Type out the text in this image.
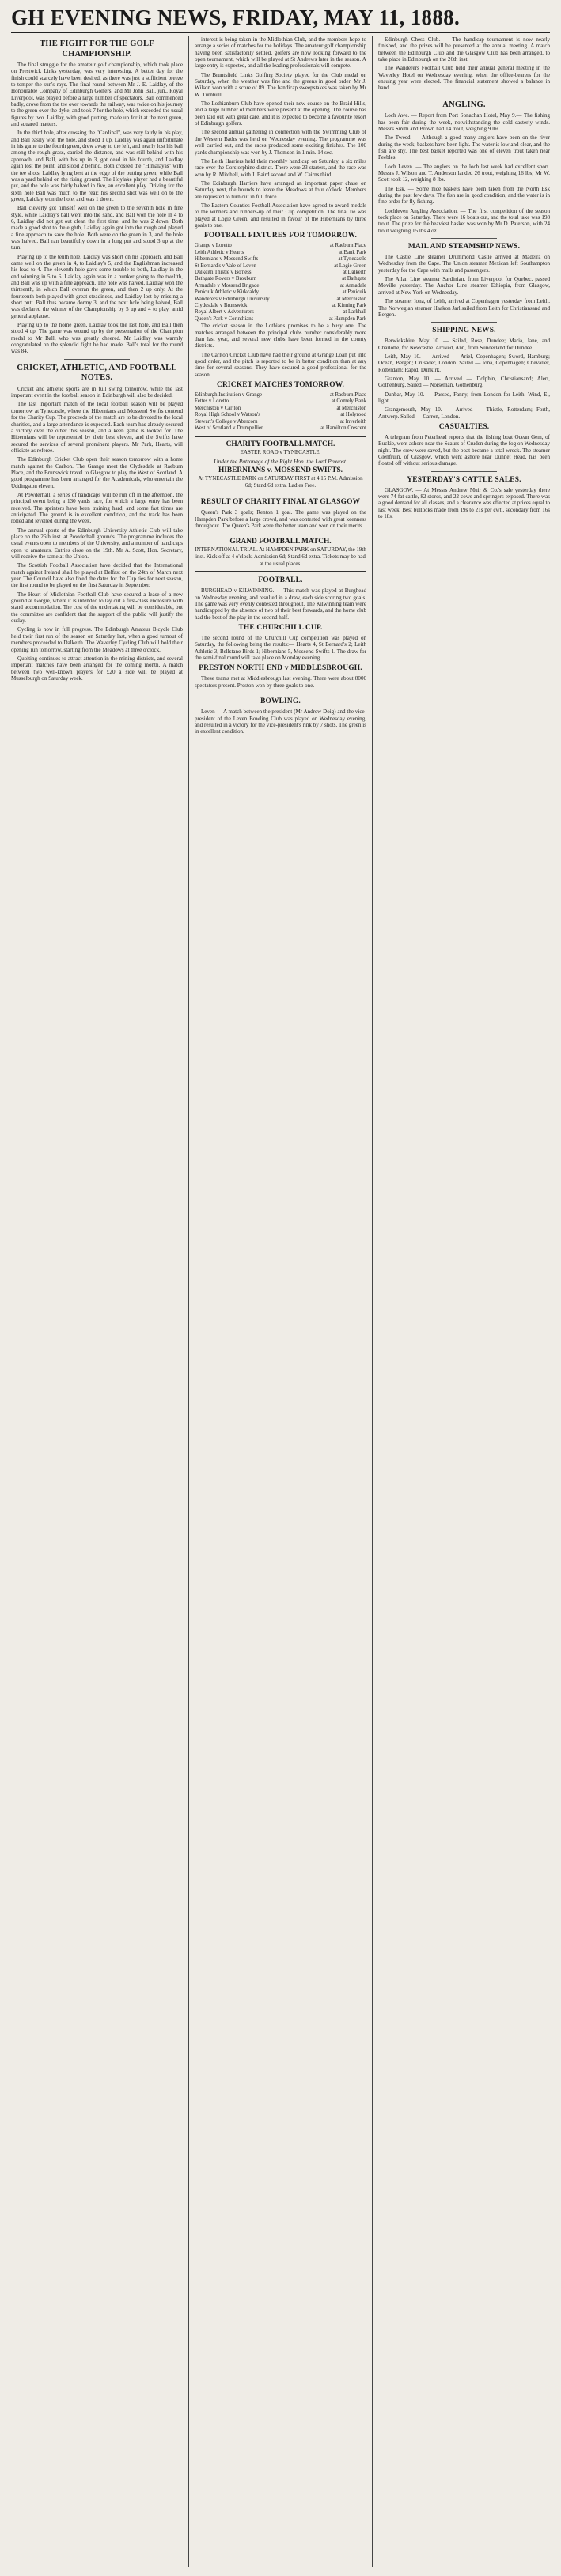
GH EVENING NEWS, FRIDAY, MAY 11, 1888.
THE FIGHT FOR THE GOLF CHAMPIONSHIP.

The final struggle for the amateur golf championship, which took place on Prestwick Links yesterday, was very interesting. A better day for the finish could scarcely have been desired, as there was just a sufficient breeze to temper the sun's rays. The final round between Mr J. E. Laidlay, of the Honourable Company of Edinburgh Golfers, and Mr John Ball, jun., Royal Liverpool, was played before a large number of spectators. Ball commenced badly, drove from the tee over towards the railway, was twice on his journey to the green over the dyke, and took 7 for the hole, which exceeded the usual figures by two. Laidlay, with good putting, made up for it at the next green, and squared matters.

In the third hole, after crossing the "Cardinal", was very fairly in his play, and Ball easily won the hole, and stood 1 up. Laidlay was again unfortunate in his game to the fourth green, drew away to the left, and nearly lost his ball among the rough grass, carried the distance, and was still behind with his approach, and Ball, with his up in 3, got dead in his fourth, and Laidlay again lost the point, and stood 2 behind. Both crossed the "Himalayas" with the tee shots, Laidlay lying best at the edge of the putting green, while Ball was a yard behind on the rising ground. The Hoylake player had a beautiful put, and the hole was fairly halved in five, an excellent play. Driving for the sixth hole Ball was much to the rear; his second shot was well on to the green, Laidlay won the hole, and was 1 down.

Ball cleverly got himself well on the green to the seventh hole in fine style, while Laidlay's ball went into the sand, and Ball won the hole in 4 to 6, Laidlay did not get out clean the first time, and he was 2 down. Both made a good shot to the eighth, Laidlay again got into the rough and played a fine approach to save the hole. Both were on the green in 3, and the hole was halved. Ball ran beautifully down in a long put and stood 3 up at the turn.

Playing up to the tenth hole, Laidlay was short on his approach, and Ball came well on the green in 4, to Laidlay's 5, and the Englishman increased his lead to 4. The eleventh hole gave some trouble to both, Laidlay in the end winning in 5 to 6. Laidlay again was in a bunker going to the twelfth, and Ball was up with a fine approach. The hole was halved. Laidlay won the thirteenth, in which Ball overran the green, and then 2 up only. At the fourteenth both played with great steadiness, and Laidlay lost by missing a short putt. Ball thus became dormy 3, and the next hole being halved, Ball was declared the winner of the Championship by 5 up and 4 to play, amid general applause.

Playing up to the home green, Laidlay took the last hole, and Ball then stood 4 up. The game was wound up by the presentation of the Champion medal to Mr Ball, who was greatly cheered. Mr Laidlay was warmly congratulated on the splendid fight he had made. Ball's total for the round was 84.

CRICKET, ATHLETIC, AND FOOTBALL NOTES.

Cricket and athletic sports are in full swing tomorrow, while the last important event in the football season in Edinburgh will also be decided.

The last important match of the local football season will be played tomorrow at Tynecastle, where the Hibernians and Mossend Swifts contend for the Charity Cup. The proceeds of the match are to be devoted to the local charities, and a large attendance is expected. Each team has already secured a victory over the other this season, and a keen game is looked for. The Hibernians will be represented by their best eleven, and the Swifts have secured the services of several prominent players. Mr Park, Hearts, will officiate as referee.

The Edinburgh Cricket Club open their season tomorrow with a home match against the Carlton. The Grange meet the Clydesdale at Raeburn Place, and the Brunswick travel to Glasgow to play the West of Scotland. A good programme has been arranged for the Academicals, who entertain the Uddingston eleven.

At Powderhall, a series of handicaps will be run off in the afternoon, the principal event being a 130 yards race, for which a large entry has been received. The sprinters have been training hard, and some fast times are anticipated. The ground is in excellent condition, and the track has been rolled and levelled during the week.

The annual sports of the Edinburgh University Athletic Club will take place on the 26th inst. at Powderhall grounds. The programme includes the usual events open to members of the University, and a number of handicaps open to amateurs. Entries close on the 19th. Mr A. Scott, Hon. Secretary, will receive the same at the Union.

The Scottish Football Association have decided that the International match against Ireland shall be played at Belfast on the 24th of March next year. The Council have also fixed the dates for the Cup ties for next season, the first round to be played on the first Saturday in September.

The Heart of Midlothian Football Club have secured a lease of a new ground at Gorgie, where it is intended to lay out a first-class enclosure with stand accommodation. The cost of the undertaking will be considerable, but the committee are confident that the support of the public will justify the outlay.

Cycling is now in full progress. The Edinburgh Amateur Bicycle Club held their first run of the season on Saturday last, when a good turnout of members proceeded to Dalkeith. The Waverley Cycling Club will hold their opening run tomorrow, starting from the Meadows at three o'clock.

Quoiting continues to attract attention in the mining districts, and several important matches have been arranged for the coming month. A match between two well-known players for £20 a side will be played at Musselburgh on Saturday week.

interest is being taken in the Midlothian Club, and the members hope to arrange a series of matches for the holidays. The amateur golf championship having been satisfactorily settled, golfers are now looking forward to the open tournament, which will be played at St Andrews later in the season. A large entry is expected, and all the leading professionals will compete.

The Bruntsfield Links Golfing Society played for the Club medal on Saturday, when the weather was fine and the greens in good order. Mr J. Wilson won with a score of 89. The handicap sweepstakes was taken by Mr W. Turnbull.

The Lothianburn Club have opened their new course on the Braid Hills, and a large number of members were present at the opening. The course has been laid out with great care, and it is expected to become a favourite resort of Edinburgh golfers.

The second annual gathering in connection with the Swimming Club of the Western Baths was held on Wednesday evening. The programme was well carried out, and the races produced some exciting finishes. The 100 yards championship was won by J. Thomson in 1 min. 14 sec.

The Leith Harriers held their monthly handicap on Saturday, a six miles race over the Corstorphine district. There were 23 starters, and the race was won by R. Mitchell, with J. Baird second and W. Cairns third.

The Edinburgh Harriers have arranged an important paper chase on Saturday next, the hounds to leave the Meadows at four o'clock. Members are requested to turn out in full force.

The Eastern Counties Football Association have agreed to award medals to the winners and runners-up of their Cup competition. The final tie was played at Logie Green, and resulted in favour of the Hibernians by three goals to one.

FOOTBALL FIXTURES FOR TOMORROW.
Grange v Loretto	at Raeburn Place
Leith Athletic v Hearts	at Bank Park
Hibernians v Mossend Swifts	at Tynecastle
St Bernard's v Vale of Leven	at Logie Green
Dalkeith Thistle v Bo'ness	at Dalkeith
Bathgate Rovers v Broxburn	at Bathgate
Armadale v Mossend Brigade	at Armadale
Penicuik Athletic v Kirkcaldy	at Penicuik
Wanderers v Edinburgh University	at Merchiston
Clydesdale v Brunswick	at Kinning Park
Royal Albert v Adventurers	at Larkhall
Queen's Park v Corinthians	at Hampden Park

The cricket season in the Lothians promises to be a busy one. The matches arranged between the principal clubs number considerably more than last year, and several new clubs have been formed in the county districts.

The Carlton Cricket Club have had their ground at Grange Loan put into good order, and the pitch is reported to be in better condition than at any time for several seasons. They have secured a good professional for the season.

CRICKET MATCHES TOMORROW.
Edinburgh Institution v Grange	at Raeburn Place
Fettes v Loretto	at Comely Bank
Merchiston v Carlton	at Merchiston
Royal High School v Watson's	at Holyrood
Stewart's College v Abercorn	at Inverleith
West of Scotland v Drumpellier	at Hamilton Crescent
CHARITY FOOTBALL MATCH.
EASTER ROAD v TYNECASTLE.
Under the Patronage of the Right Hon. the Lord Provost.
HIBERNIANS v. MOSSEND SWIFTS.
At TYNECASTLE PARK on SATURDAY FIRST at 4.15 P.M. Admission 6d; Stand 6d extra. Ladies Free.
RESULT OF CHARITY FINAL AT GLASGOW

Queen's Park 3 goals; Renton 1 goal. The game was played on the Hampden Park before a large crowd, and was contested with great keenness throughout. The Queen's Park were the better team and won on their merits.

GRAND FOOTBALL MATCH.
INTERNATIONAL TRIAL. At HAMPDEN PARK on SATURDAY, the 19th inst. Kick off at 4 o'clock. Admission 6d; Stand 6d extra. Tickets may be had at the usual places.
FOOTBALL.

BURGHEAD v KILWINNING. — This match was played at Burghead on Wednesday evening, and resulted in a draw, each side scoring two goals. The game was very evenly contested throughout. The Kilwinning team were handicapped by the absence of two of their best forwards, and the home club had the best of the play in the second half.

THE CHURCHILL CUP.

The second round of the Churchill Cup competition was played on Saturday, the following being the results:— Hearts 4, St Bernard's 2; Leith Athletic 3, Bellstane Birds 1; Hibernians 5, Mossend Swifts 1. The draw for the semi-final round will take place on Monday evening.

PRESTON NORTH END v MIDDLESBROUGH.

These teams met at Middlesbrough last evening. There were about 8000 spectators present. Preston won by three goals to one.

BOWLING.

Leven — A match between the president (Mr Andrew Doig) and the vice-president of the Leven Bowling Club was played on Wednesday evening, and resulted in a victory for the vice-president's rink by 7 shots. The green is in excellent condition.

Edinburgh Chess Club. — The handicap tournament is now nearly finished, and the prizes will be presented at the annual meeting. A match between the Edinburgh Club and the Glasgow Club has been arranged, to take place in Edinburgh on the 26th inst.

The Wanderers Football Club held their annual general meeting in the Waverley Hotel on Wednesday evening, when the office-bearers for the ensuing year were elected. The financial statement showed a balance in hand.

ANGLING.

Loch Awe. — Report from Port Sonachan Hotel, May 9.— The fishing has been fair during the week, notwithstanding the cold easterly winds. Messrs Smith and Brown had 14 trout, weighing 9 lbs.

The Tweed. — Although a good many anglers have been on the river during the week, baskets have been light. The water is low and clear, and the fish are shy. The best basket reported was one of eleven trout taken near Peebles.

Loch Leven. — The anglers on the loch last week had excellent sport. Messrs J. Wilson and T. Anderson landed 26 trout, weighing 16 lbs; Mr W. Scott took 12, weighing 8 lbs.

The Esk. — Some nice baskets have been taken from the North Esk during the past few days. The fish are in good condition, and the water is in fine order for fly fishing.

Lochleven Angling Association. — The first competition of the season took place on Saturday. There were 16 boats out, and the total take was 198 trout. The prize for the heaviest basket was won by Mr D. Paterson, with 24 trout weighing 15 lbs 4 oz.

MAIL AND STEAMSHIP NEWS.

The Castle Line steamer Drummond Castle arrived at Madeira on Wednesday from the Cape. The Union steamer Mexican left Southampton yesterday for the Cape with mails and passengers.

The Allan Line steamer Sardinian, from Liverpool for Quebec, passed Moville yesterday. The Anchor Line steamer Ethiopia, from Glasgow, arrived at New York on Wednesday.

The steamer Iona, of Leith, arrived at Copenhagen yesterday from Leith. The Norwegian steamer Haakon Jarl sailed from Leith for Christiansand and Bergen.

SHIPPING NEWS.

Berwickshire, May 10. — Sailed, Rose, Dundee; Maria, Jane, and Charlotte, for Newcastle. Arrived, Ann, from Sunderland for Dundee.

Leith, May 10. — Arrived — Ariel, Copenhagen; Sword, Hamburg; Ocean, Bergen; Crusader, London. Sailed — Iona, Copenhagen; Chevalier, Rotterdam; Rapid, Dunkirk.

Granton, May 10. — Arrived — Dolphin, Christiansand; Alert, Gothenburg. Sailed — Norseman, Gothenburg.

Dunbar, May 10. — Passed, Fanny, from London for Leith. Wind, E., light.

Grangemouth, May 10. — Arrived — Thistle, Rotterdam; Forth, Antwerp. Sailed — Carron, London.

CASUALTIES.

A telegram from Peterhead reports that the fishing boat Ocean Gem, of Buckie, went ashore near the Scaurs of Cruden during the fog on Wednesday night. The crew were saved, but the boat became a total wreck. The steamer Glenfruin, of Glasgow, which went ashore near Dunnet Head, has been floated off without serious damage.

YESTERDAY'S CATTLE SALES.

GLASGOW. — At Messrs Andrew Muir & Co.'s sale yesterday there were 74 fat cattle, 82 stores, and 22 cows and springers exposed. There was a good demand for all classes, and a clearance was effected at prices equal to last week. Best bullocks made from 19s to 21s per cwt., secondary from 16s to 18s.
